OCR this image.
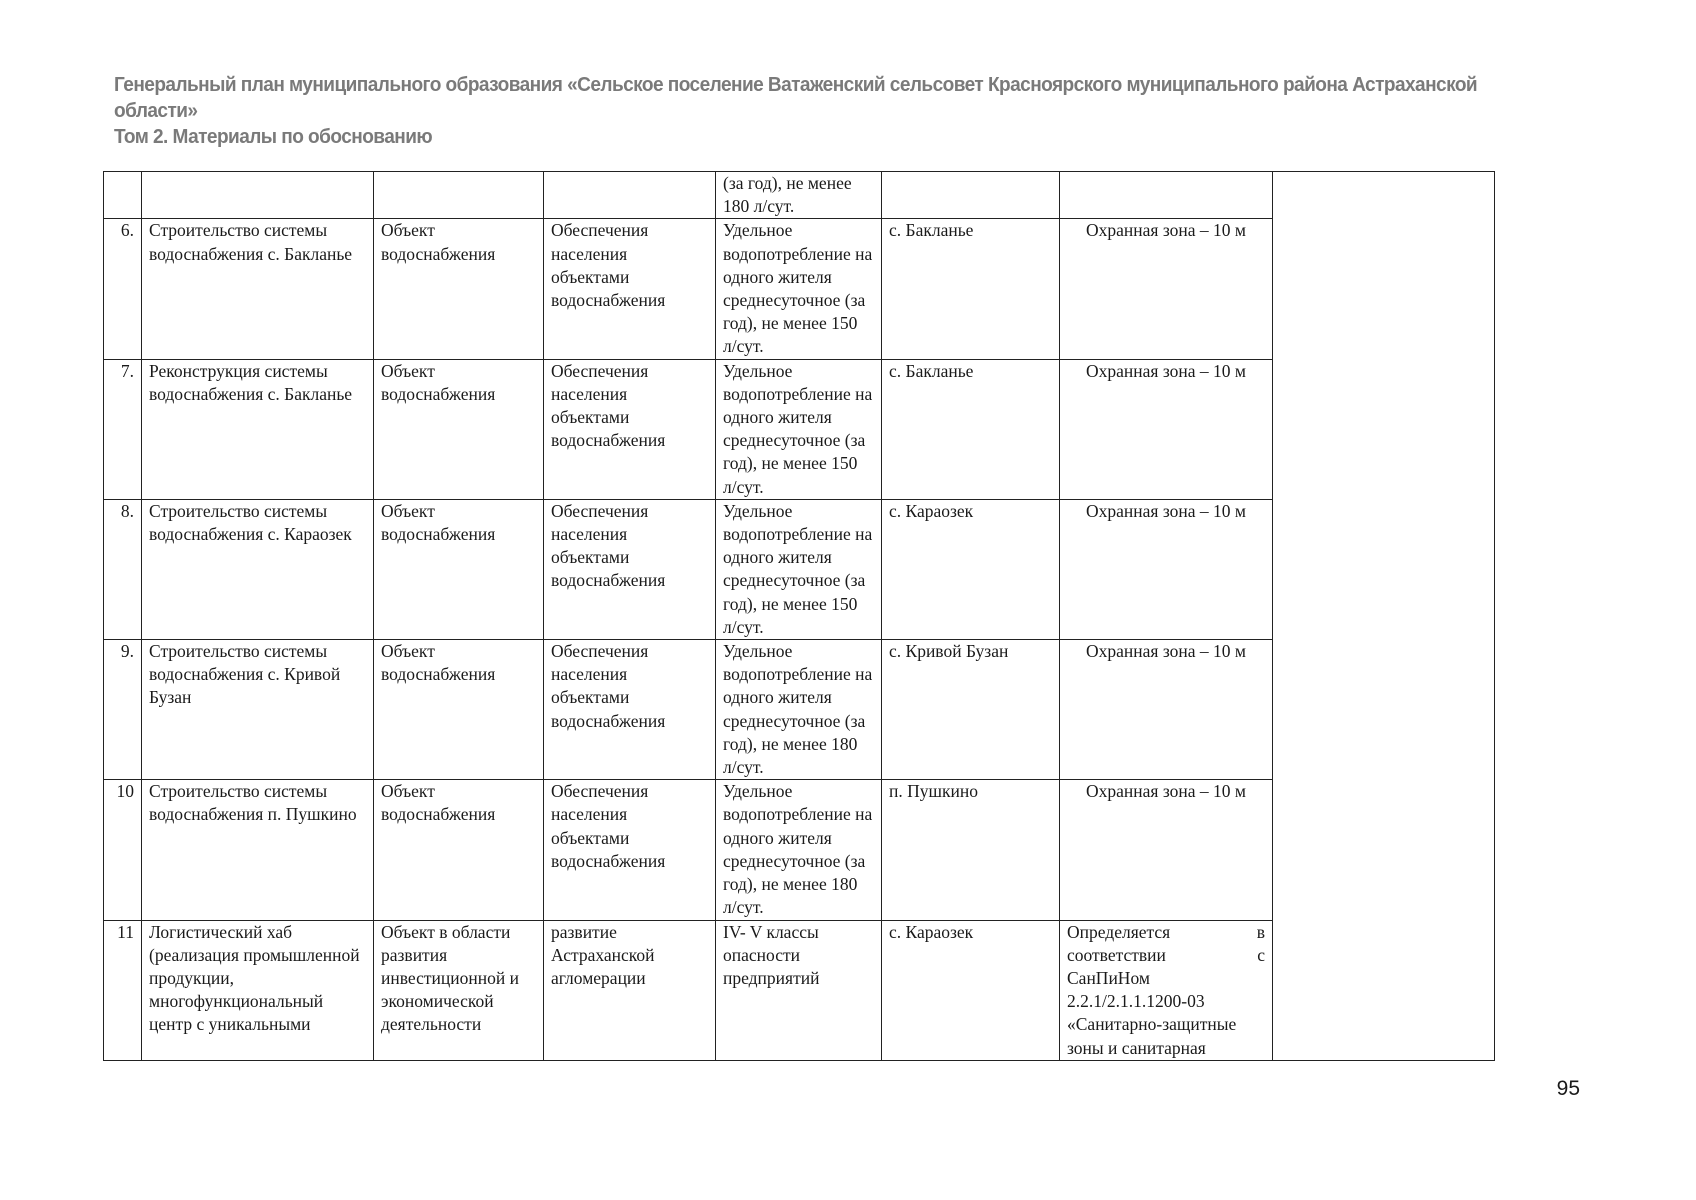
Генеральный план муниципального образования «Сельское поселение Ватаженский сельсовет Красноярского муниципального района Астраханской области»
Том 2. Материалы по обоснованию
				(за год), не менее 180 л/сут.			
6.	Строительство системы водоснабжения с. Бакланье	Объект водоснабжения	Обеспечения населения объектами водоснабжения	Удельное водопотребление на одного жителя среднесуточное (за год), не менее 150 л/сут.	с. Бакланье	Охранная зона – 10 м	
7.	Реконструкция системы водоснабжения с. Бакланье	Объект водоснабжения	Обеспечения населения объектами водоснабжения	Удельное водопотребление на одного жителя среднесуточное (за год), не менее 150 л/сут.	с. Бакланье	Охранная зона – 10 м	
8.	Строительство системы водоснабжения с. Караозек	Объект водоснабжения	Обеспечения населения объектами водоснабжения	Удельное водопотребление на одного жителя среднесуточное (за год), не менее 150 л/сут.	с. Караозек	Охранная зона – 10 м	
9.	Строительство системы водоснабжения с. Кривой Бузан	Объект водоснабжения	Обеспечения населения объектами водоснабжения	Удельное водопотребление на одного жителя среднесуточное (за год), не менее 180 л/сут.	с. Кривой Бузан	Охранная зона – 10 м	
10	Строительство системы водоснабжения п. Пушкино	Объект водоснабжения	Обеспечения населения объектами водоснабжения	Удельное водопотребление на одного жителя среднесуточное (за год), не менее 180 л/сут.	п. Пушкино	Охранная зона – 10 м	
11	Логистический хаб (реализация промышленной продукции, многофункциональный центр с уникальными	Объект в области развития инвестиционной и экономической деятельности	развитие Астраханской агломерации	IV- V классы опасности предприятий	с. Караозек	Определяется в соответствии с СанПиНом 2.2.1/2.1.1.1200-03 «Санитарно-защитные зоны и санитарная	
95
